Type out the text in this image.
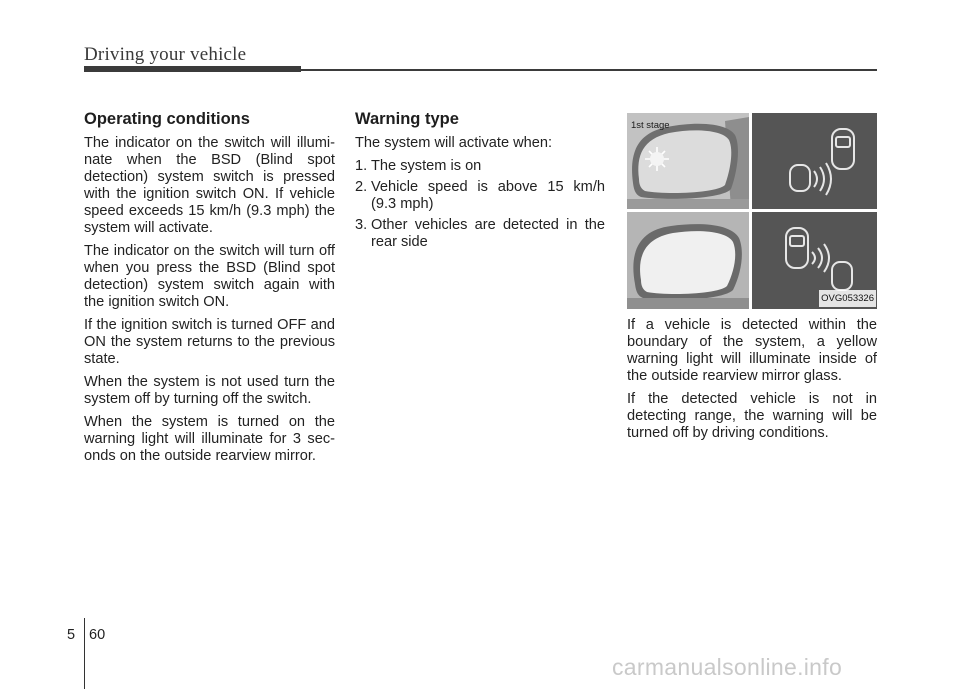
Driving your vehicle
Operating conditions

The indicator on the switch will illumi- nate when the BSD (Blind spot detection) system switch is pressed with the ignition switch ON. If vehicle speed exceeds 15 km/h (9.3 mph) the system will activate.

The indicator on the switch will turn off when you press the BSD (Blind spot detection) system switch again with the ignition switch ON.

If the ignition switch is turned OFF and ON the system returns to the previous state.

When the system is not used turn the system off by turning off the switch.

When the system is turned on the warning light will illuminate for 3 sec- onds on the outside rearview mirror.

Warning type

The system will activate when:

1. The system is on
2. Vehicle speed is above 15 km/h (9.3 mph)
3. Other vehicles are detected in the rear side
1st stage
OVG053326

If a vehicle is detected within the boundary of the system, a yellow warning light will illuminate inside of the outside rearview mirror glass.

If the detected vehicle is not in detecting range, the warning will be turned off by driving conditions.

5 60
carmanualsonline.info
